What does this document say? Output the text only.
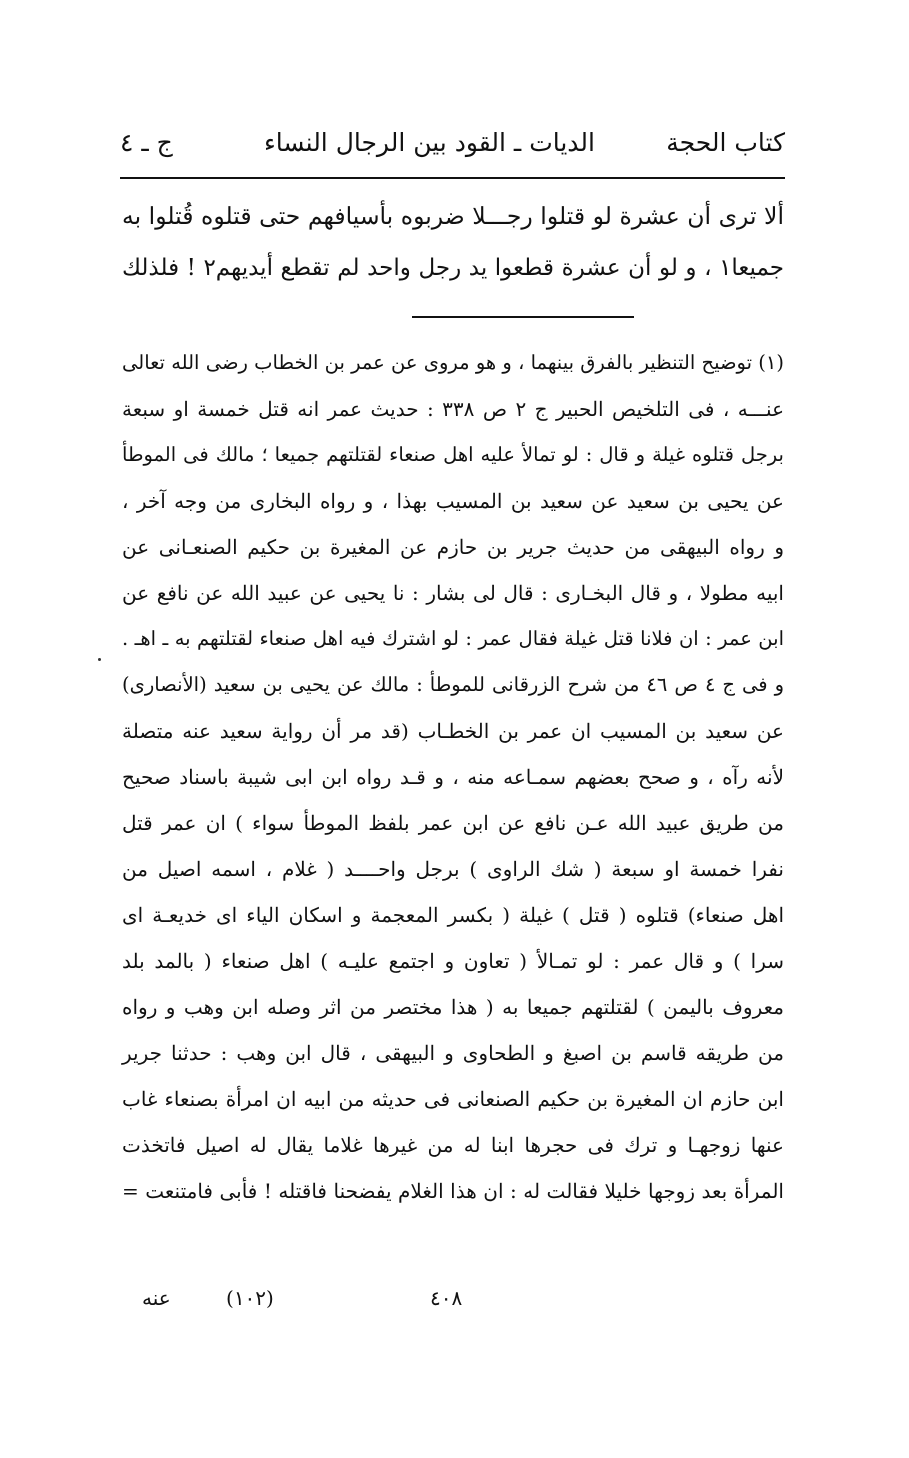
كتاب الحجة
الديات ـ القود بين الرجال النساء
ج ـ ٤
ألا ترى أن عشرة لو قتلوا رجـــلا ضربوه بأسيافهم حتى قتلوه قُتلوا به
جميعا١ ، و لو أن عشرة قطعوا يد رجل واحد لم تقطع أيديهم٢ ! فلذلك
(١) توضيح التنظير بالفرق بينهما ، و هو مروى عن عمر بن الخطاب رضى الله تعالى
عنـــه ، فى التلخيص الحبير ج ٢ ص ٣٣٨ : حديث عمر انه قتل خمسة او سبعة
برجل قتلوه غيلة و قال : لو تمالأ عليه اهل صنعاء لقتلتهم جميعا ؛ مالك فى الموطأ
عن يحيى بن سعيد عن سعيد بن المسيب بهذا ، و رواه البخارى من وجه آخر ،
و رواه البيهقى من حديث جرير بن حازم عن المغيرة بن حكيم الصنعـانى عن
ابيه مطولا ، و قال البخـارى : قال لى بشار : نا يحيى عن عبيد الله عن نافع عن
ابن عمر : ان فلانا قتل غيلة فقال عمر : لو اشترك فيه اهل صنعاء لقتلتهم به ـ اهـ .
و فى ج ٤ ص ٤٦ من شرح الزرقانى للموطأ : مالك عن يحيى بن سعيد (الأنصارى)
عن سعيد بن المسيب ان عمر بن الخطـاب (قد مر أن رواية سعيد عنه متصلة
لأنه رآه ، و صحح بعضهم سمـاعه منه ، و قـد رواه ابن ابى شيبة باسناد صحيح
من طريق عبيد الله عـن نافع عن ابن عمر بلفظ الموطأ سواء ) ان عمر قتل
نفرا خمسة او سبعة ( شك الراوى ) برجل واحــــد ( غلام ، اسمه اصيل من
اهل صنعاء) قتلوه ( قتل ) غيلة ( بكسر المعجمة و اسكان الياء اى خديعـة اى
سرا ) و قال عمر : لو تمـالأ ( تعاون و اجتمع عليـه ) اهل صنعاء ( بالمد بلد
معروف باليمن ) لقتلتهم جميعا به ( هذا مختصر من اثر وصله ابن وهب و رواه
من طريقه قاسم بن اصبغ و الطحاوى و البيهقى ، قال ابن وهب : حدثنا جرير
ابن حازم ان المغيرة بن حكيم الصنعانى فى حديثه من ابيه ان امرأة بصنعاء غاب
عنها زوجهـا و ترك فى حجرها ابنا له من غيرها غلاما يقال له اصيل فاتخذت
المرأة بعد زوجها خليلا فقالت له : ان هذا الغلام يفضحنا فاقتله ! فأبى فامتنعت =
عنه	(١٠٢)	٤٠٨
